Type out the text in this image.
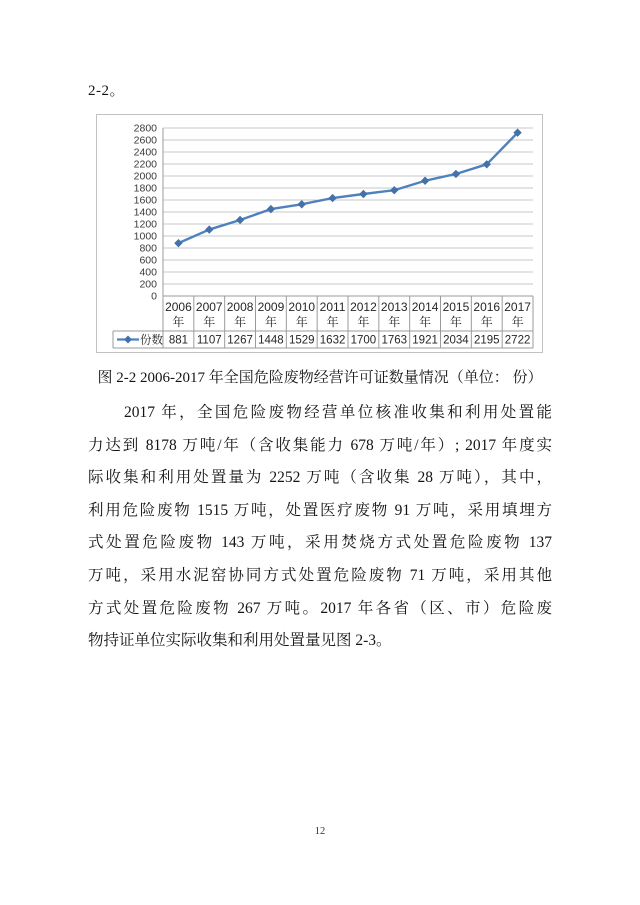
2-2。
0
200
400
600
800
1000
1200
1400
1600
1800
2000
2200
2400
2600
2800
2006
年
881
2007
年
1107
2008
年
1267
2009
年
1448
2010
年
1529
2011
年
1632
2012
年
1700
2013
年
1763
2014
年
1921
2015
年
2034
2016
年
2195
2017
年
2722
份数
图 2-2 2006-2017 年全国危险废物经营许可证数量情况（单位： 份）
2017 年，全国危险废物经营单位核准收集和利用处置能
力达到 8178 万吨/年（含收集能力 678 万吨/年）; 2017 年度实
际收集和利用处置量为 2252 万吨（含收集 28 万吨），其中，
利用危险废物 1515 万吨，处置医疗废物 91 万吨，采用填埋方
式处置危险废物 143 万吨，采用焚烧方式处置危险废物 137
万吨，采用水泥窑协同方式处置危险废物 71 万吨，采用其他
方式处置危险废物 267 万吨。2017 年各省（区、市）危险废
物持证单位实际收集和利用处置量见图 2-3。
12
